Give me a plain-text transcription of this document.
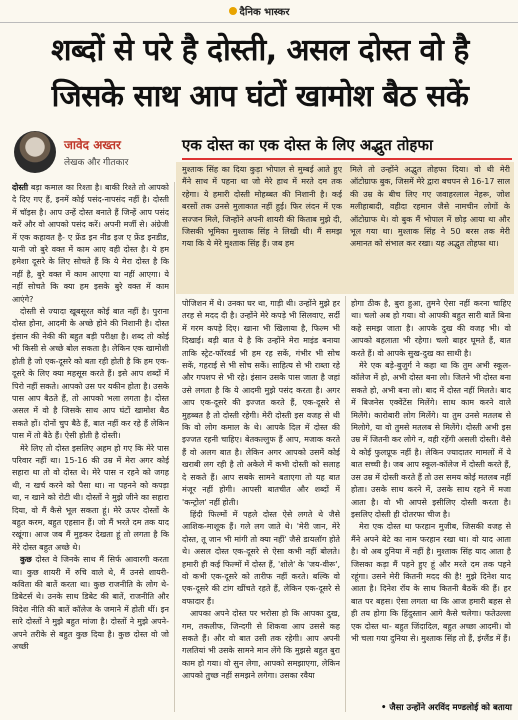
दैनिक भास्कर
शब्दों से परे है दोस्ती, असल दोस्त वो है
जिसके साथ आप घंटों खामोश बैठ सकें
जावेद अख्तर
लेखक और गीतकार
एक दोस्त का एक दोस्त के लिए अद्भुत तोहफा

दोस्ती बड़ा कमाल का रिश्ता है। बाकी रिश्ते तो आपको दे दिए गए हैं, इनमें कोई पसंद-नापसंद नहीं है। दोस्ती में चॉइस है। आप उन्हें दोस्त बनाते हैं जिन्हें आप पसंद करें और वो आपको पसंद करें। अपनी मर्जी से। अंग्रेजी में एक कहावत है- ए फ्रेंड इन नीड इज ए फ्रेंड इनडीड, यानी जो बुरे वक्त में काम आए वही दोस्त है। ये हम हमेशा दूसरे के लिए सोचते हैं कि ये मेरा दोस्त है कि नहीं है, बुरे वक्त में काम आएगा या नहीं आएगा। ये नहीं सोचते कि क्या हम इसके बुरे वक्त में काम आएंगे?

दोस्ती से ज्यादा खूबसूरत कोई बात नहीं है। पुराना दोस्त होना, आदमी के अच्छे होने की निशानी है। दोस्त इंसान की नेकी की बहुत बड़ी परीक्षा है। शब्द तो कोई भी किसी से अच्छे बोल सकता है। लेकिन एक खामोशी होती है जो एक-दूसरे को बता रही होती है कि हम एक-दूसरे के लिए क्या महसूस करते हैं। इसे आप शब्दों में पिरो नहीं सकते। आपको उस पर यकीन होता है। उसके पास आप बैठते हैं, तो आपको भला लगता है। दोस्त असल में वो है जिसके साथ आप घंटों खामोश बैठ सकते हों। दोनों चुप बैठे हैं, बात नहीं कर रहे हैं लेकिन पास में तो बैठे हैं। ऐसी होती है दोस्ती।

मेरे लिए तो दोस्त इसलिए अहम हो गए कि मेरे पास परिवार नहीं था। 15-16 की उम्र में मेरा अगर कोई सहारा था तो वो दोस्त थे। मेरे पास न रहने को जगह थी, न खर्च करने को पैसा था। ना पहनने को कपड़ा था, न खाने को रोटी थी। दोस्तों ने मुझे जीने का सहारा दिया, वो मैं कैसे भूल सकता हूं। मेरे ऊपर दोस्तों के बहुत करम, बहुत एहसान हैं। जो मैं भरते दम तक याद रखूंगा। आज जब मैं मुड़कर देखता हूं तो लगता है कि मेरे दोस्त बहुत अच्छे थे।

कुछ दोस्त वे जिनके साथ मैं सिर्फ आवारगी करता था। कुछ शायरी में रुचि वाले थे, मैं उनसे शायरी-कविता की बातें करता था। कुछ राजनीति के लोग थे- डिबेटर्स थे। उनके साथ डिबेट की बातें, राजनीति और विदेश नीति की बातें कॉलेज के जमाने में होती थीं। इन सारे दोस्तों ने मुझे बहुत मांजा है। दोस्तों ने मुझे अपने-अपने तरीके से बहुत कुछ दिया है। कुछ दोस्त वो जो अच्छी

मुश्ताक सिंह का दिया कुड़ा भोपाल से मुम्बई आते हुए मैंने साथ में पहना था जो मेरे हाथ में मरते दम तक रहेगा। ये हमारी दोस्ती मोहब्बत की निशानी है। कई बरसों तक उनसे मुलाकात नहीं हुई। फिर लंदन में एक सज्जन मिले, जिन्होंने अपनी शायरी की किताब मुझे दी, जिसकी भूमिका मुश्ताक सिंह ने लिखी थी। मैं समझ गया कि ये मेरे मुश्ताक सिंह हैं। जब हम

मिले तो उन्होंने अद्भुत तोहफा दिया। वो थी मेरी ऑटोग्राफ बुक, जिसमें मेरे द्वारा बचपन से 16-17 साल की उम्र के बीच लिए गए जवाहरलाल नेहरू, जोश मलीहाबादी, वहीदा रहमान जैसे नामचीन लोगों के ऑटोग्राफ थे। वो बुक मैं भोपाल में छोड़ आया था और भूल गया था। मुश्ताक सिंह ने 50 बरस तक मेरी अमानत को संभाल कर रखा। यह अद्भुत तोहफा था।

पोजिशन में थे। उनका घर था, गाड़ी थी। उन्होंने मुझे हर तरह से मदद दी है। उन्होंने मेरे कपड़े भी सिलवाए, सर्दी में गरम कपड़े दिए। खाना भी खिलाया है, फिल्म भी दिखाई। बड़ी बात ये है कि उन्होंने मेरा माइंड बनाया ताकि स्ट्रेट-फॉरवर्ड भी हम रह सकें, गंभीर भी सोच सकें, गहराई से भी सोच सकें। साहित्य से भी राब्ता रहे और गपशप से भी रहे। इंसान उसके पास जाता है जहां उसे लगता है कि ये आदमी मुझे पसंद करता है। अगर आप एक-दूसरे की इज्जत करते हैं, एक-दूसरे से मुहब्बत है तो दोस्ती रहेगी। मेरी दोस्ती इस वजह से थी कि वो लोग कमाल के थे। आपके दिल में दोस्त की इज्जत रहनी चाहिए। बेतकल्लुफ हैं आप, मजाक करते हैं वो अलग बात है। लेकिन अगर आपको उसमें कोई खराबी लग रही है तो अकेले में कभी दोस्ती को सलाह दे सकते हैं। आप सबके सामने बताएगा तो यह बात मंजूर नहीं होगी। आपसी बातचीत और शब्दों में 'कन्ट्रोल' नहीं होती।

हिंदी फिल्मों में पहले दोस्त ऐसे लगते थे जैसे आशिक-माशूक हैं। गले लग जाते थे। 'मेरी जान, मेरे दोस्त, तू जान भी मांगी तो क्या नहीं' जैसे डायलॉग होते थे। असल दोस्त एक-दूसरे से ऐसा कभी नहीं बोलते। हमारी ही कई फिल्मों में दोस्त हैं, 'शोले' के 'जय-वीरू', वो कभी एक-दूसरे को तारीफ नहीं करते। बल्कि वो एक-दूसरे की टांग खींचते रहते हैं, लेकिन एक-दूसरे से वफादार हैं।

आपका अपने दोस्त पर भरोसा हो कि आपका दुख, गम, तकलीफ, जिन्दगी से शिकवा आप उससे कह सकते हैं। और वो बात उसी तक रहेगी। आप अपनी गलतियां भी उसके सामने मान लेंगे कि मुझसे बहुत बुरा काम हो गया। वो सुन लेगा, आपको समझाएगा, लेकिन आपको तुच्छ नहीं समझने लगेगा। उसका रवैया

होगा ठीक है, बुरा हुआ, तुमने ऐसा नहीं करना चाहिए था। चलो अब हो गया। वो आपकी बहुत सारी बातें बिना कहे समझ जाता है। आपके दुख की वजह भी। वो आपको बहलाता भी रहेगा। चलो बाहर घूमते हैं, बात करते हैं। वो आपके सुख-दुख का साथी है।

मेरे एक बड़े-बुजुर्ग ने कहा था कि तुम अभी स्कूल-कॉलेज में हो, अभी दोस्त बना लो। जितने भी दोस्त बना सकते हो, अभी बना लो। बाद में दोस्त नहीं मिलते। बाद में बिजनेस एक्वेंटेंस मिलेंगे। साथ काम करने वाले मिलेंगे। कारोबारी लोग मिलेंगे। या तुम उनसे मतलब से मिलोगे, या वो तुमसे मतलब से मिलेंगे। दोस्ती अभी इस उम्र में जितनी कर लोगे न, वही रहेंगी असली दोस्ती। वैसे ये कोई फुलप्रूफ नहीं है। लेकिन ज्यादातर मामलों में ये बात सच्ची है। जब आप स्कूल-कॉलेज में दोस्ती करते हैं, उस उम्र में दोस्ती करते हैं तो उस समय कोई मतलब नहीं होता। उसके साथ करने में, उसके साथ रहने में मजा आता है। वो भी आपसे इसीलिए दोस्ती करता है। इसलिए दोस्ती ही दोतरफा चीज है।

मेरा एक दोस्त था फरहान मुजीब, जिसकी वजह से मैंने अपने बेटे का नाम फरहान रखा था। वो याद आता है। वो अब दुनिया में नहीं है। मुश्ताक सिंह याद आता है जिसका कड़ा मैं पहने हुए हूं और मरते दम तक पहने रहूंगा। उसने मेरी कितनी मदद की है! मुझे दिनेश याद आता है। दिनेश रॉय के साथ कितनी बैठकें की हैं। हर बात पर बहस। ऐसा लगता था कि आज हमारी बहस से ही तय होगा कि हिंदुस्तान आगे कैसे चलेगा। फतेउल्ला एक दोस्त था- बहुत जिंदादिल, बहुत अच्छा आदमी। वो भी चला गया दुनिया से। मुश्ताक सिंह तो हैं, इंग्लैंड में हैं।

• जैसा उन्होंने अरविंद मण्डलोई को बताया
